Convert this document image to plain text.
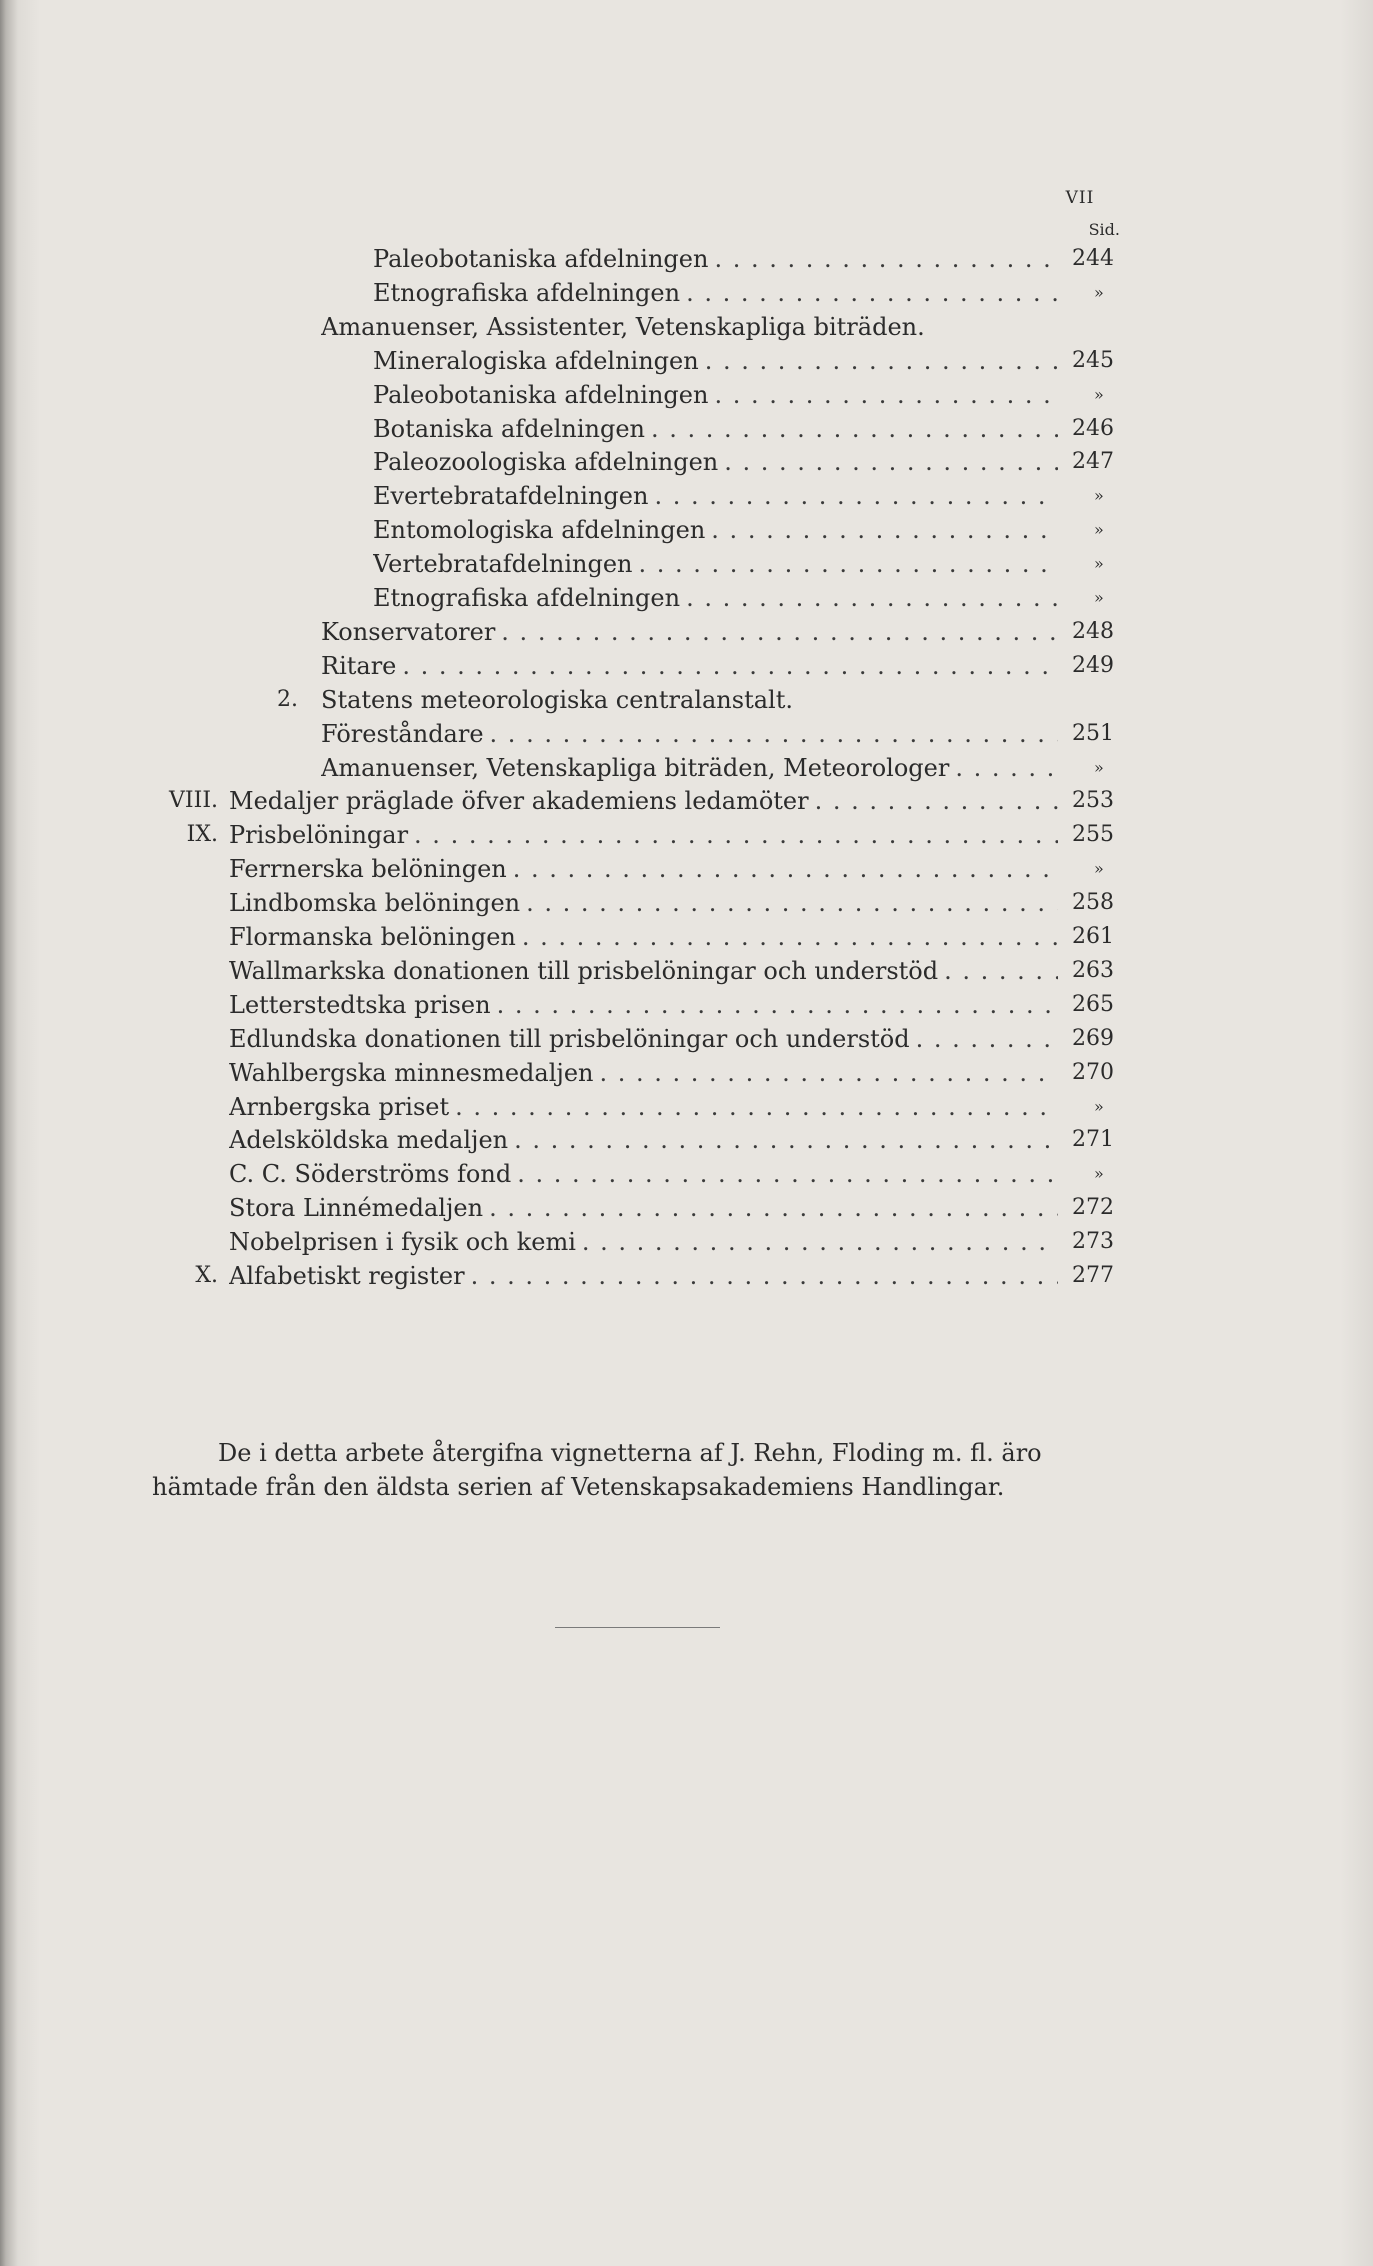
VII
Sid.
Paleobotaniska afdelningen . . .	244
Etnografiska afdelningen . . .	»
Amanuenser, Assistenter, Vetenskapliga biträden.
Mineralogiska afdelningen . . .	245
Paleobotaniska afdelningen . . .	»
Botaniska afdelningen . . .	246
Paleozoologiska afdelningen . . .	247
Evertebratafdelningen . . .	»
Entomologiska afdelningen . . .	»
Vertebratafdelningen . . .	»
Etnografiska afdelningen . . .	»
Konservatorer . . .	248
Ritare . . .	249
2. Statens meteorologiska centralanstalt.
Föreståndare . . .	251
Amanuenser, Vetenskapliga biträden, Meteorologer . . .	»
VIII. Medaljer präglade öfver akademiens ledamöter . . .	253
IX. Prisbelöningar . . .	255
Ferrnerska belöningen . . .	»
Lindbomska belöningen . . .	258
Flormanska belöningen . . .	261
Wallmarkska donationen till prisbelöningar och understöd . . .	263
Letterstedtska prisen . . .	265
Edlundska donationen till prisbelöningar och understöd . . .	269
Wahlbergska minnesmedaljen . . .	270
Arnbergska priset . . .	»
Adelsköldska medaljen . . .	271
C. C. Söderströms fond . . .	»
Stora Linnémedaljen . . .	272
Nobelprisen i fysik och kemi . . .	273
X. Alfabetiskt register . . .	277
De i detta arbete återgifna vignetterna af J. Rehn, Floding m. fl. äro
hämtade från den äldsta serien af Vetenskapsakademiens Handlingar.
